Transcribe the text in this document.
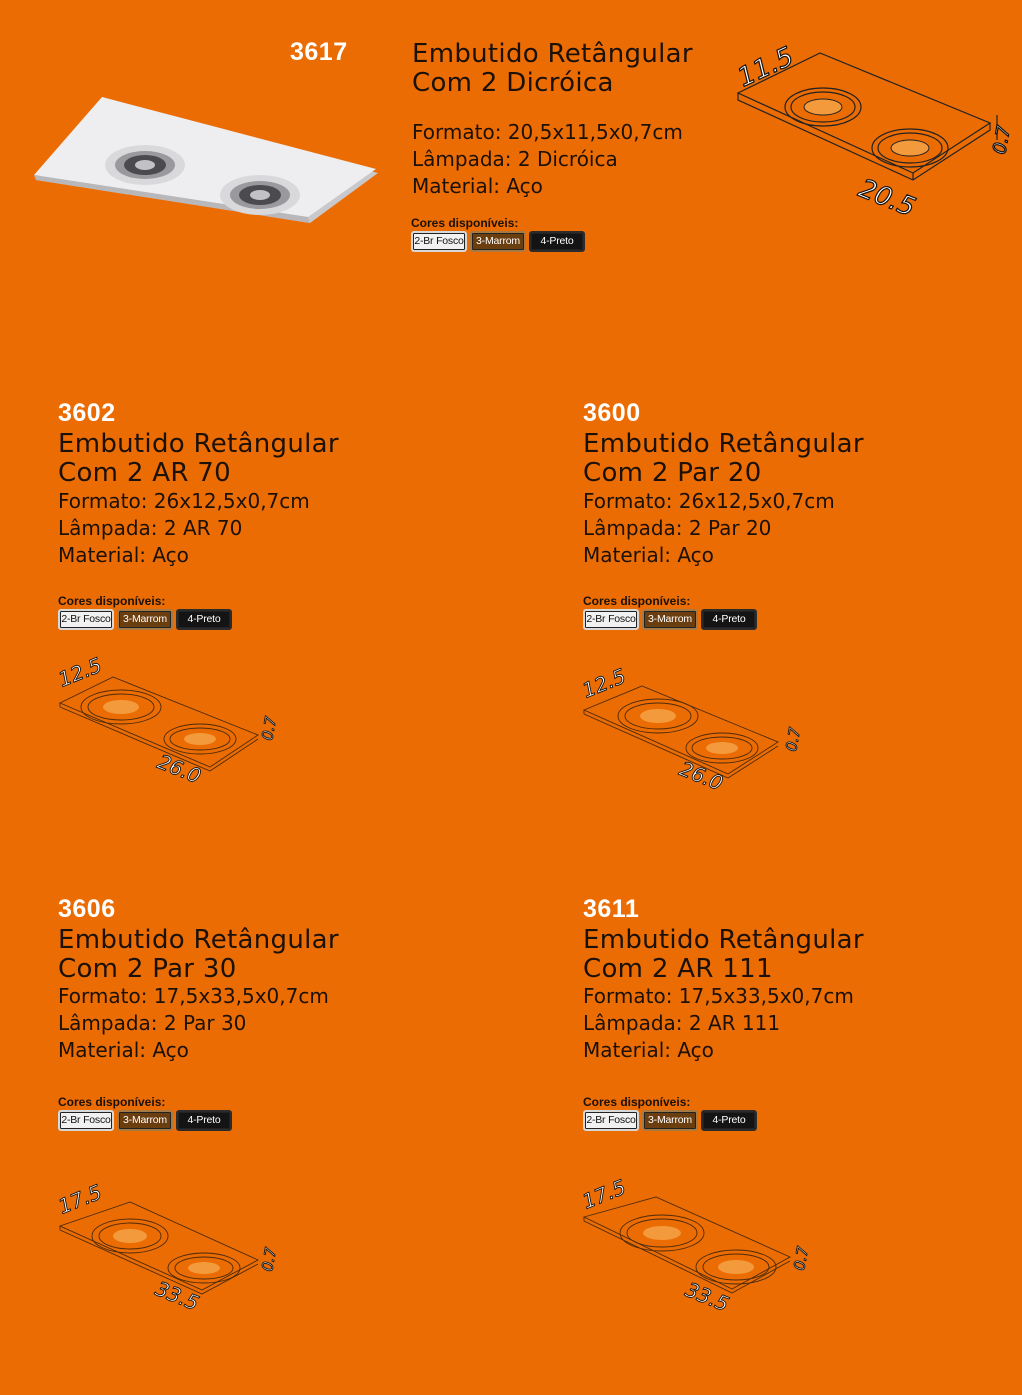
3617 Embutido Retângular
Com 2 Dicróica
Formato: 20,5x11,5x0,7cm
Lâmpada: 2 Dicróica
Material: Aço
Cores disponíveis:
2-Br Fosco	3-Marrom	4-Preto
11.5
20.5
0.7
3602
Embutido Retângular
Com 2 AR 70
Formato: 26x12,5x0,7cm
Lâmpada: 2 AR 70
Material: Aço
Cores disponíveis:
2-Br Fosco	3-Marrom	4-Preto
12.5
26.0
0.7
3600
Embutido Retângular
Com 2 Par 20
Formato: 26x12,5x0,7cm
Lâmpada: 2 Par 20
Material: Aço
Cores disponíveis:
2-Br Fosco	3-Marrom	4-Preto
12.5
26.0
0.7
3606
Embutido Retângular
Com 2 Par 30
Formato: 17,5x33,5x0,7cm
Lâmpada: 2 Par 30
Material: Aço
Cores disponíveis:
2-Br Fosco	3-Marrom	4-Preto
17.5
33.5
0.7
3611
Embutido Retângular
Com 2 AR 111
Formato: 17,5x33,5x0,7cm
Lâmpada: 2 AR 111
Material: Aço
Cores disponíveis:
2-Br Fosco	3-Marrom	4-Preto
17.5
33.5
0.7
